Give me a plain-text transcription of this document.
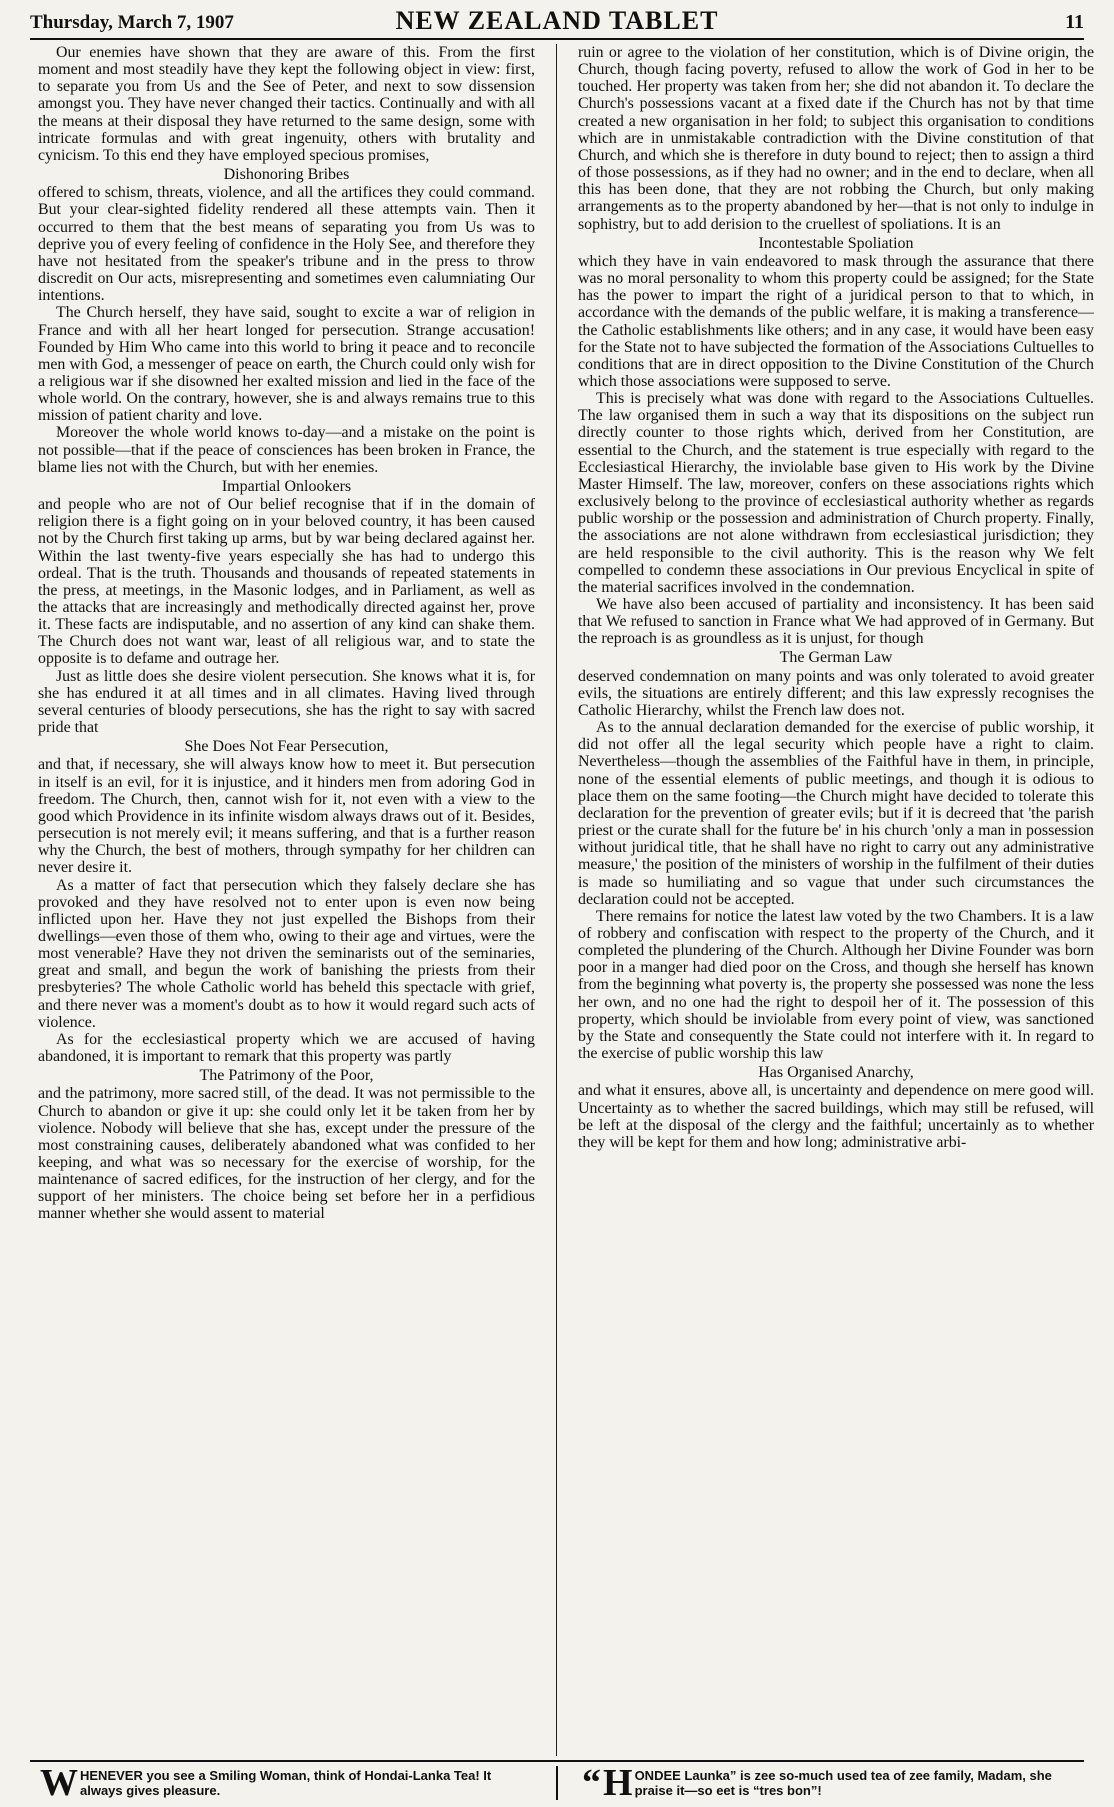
Thursday, March 7, 1907	NEW ZEALAND TABLET	11

Our enemies have shown that they are aware of this. From the first moment and most steadily have they kept the following object in view: first, to separate you from Us and the See of Peter, and next to sow dissension amongst you. They have never changed their tactics. Continually and with all the means at their disposal they have returned to the same design, some with intricate formulas and with great ingenuity, others with brutality and cynicism. To this end they have employed specious promises,

Dishonoring Bribes

offered to schism, threats, violence, and all the artifices they could command. But your clear-sighted fidelity rendered all these attempts vain. Then it occurred to them that the best means of separating you from Us was to deprive you of every feeling of confidence in the Holy See, and therefore they have not hesitated from the speaker's tribune and in the press to throw discredit on Our acts, misrepresenting and sometimes even calumniating Our intentions.

The Church herself, they have said, sought to excite a war of religion in France and with all her heart longed for persecution. Strange accusation! Founded by Him Who came into this world to bring it peace and to reconcile men with God, a messenger of peace on earth, the Church could only wish for a religious war if she disowned her exalted mission and lied in the face of the whole world. On the contrary, however, she is and always remains true to this mission of patient charity and love.

Moreover the whole world knows to-day—and a mistake on the point is not possible—that if the peace of consciences has been broken in France, the blame lies not with the Church, but with her enemies.

Impartial Onlookers

and people who are not of Our belief recognise that if in the domain of religion there is a fight going on in your beloved country, it has been caused not by the Church first taking up arms, but by war being declared against her. Within the last twenty-five years especially she has had to undergo this ordeal. That is the truth. Thousands and thousands of repeated statements in the press, at meetings, in the Masonic lodges, and in Parliament, as well as the attacks that are increasingly and methodically directed against her, prove it. These facts are indisputable, and no assertion of any kind can shake them. The Church does not want war, least of all religious war, and to state the opposite is to defame and outrage her.

Just as little does she desire violent persecution. She knows what it is, for she has endured it at all times and in all climates. Having lived through several centuries of bloody persecutions, she has the right to say with sacred pride that

She Does Not Fear Persecution,

and that, if necessary, she will always know how to meet it. But persecution in itself is an evil, for it is injustice, and it hinders men from adoring God in freedom. The Church, then, cannot wish for it, not even with a view to the good which Providence in its infinite wisdom always draws out of it. Besides, persecution is not merely evil; it means suffering, and that is a further reason why the Church, the best of mothers, through sympathy for her children can never desire it.

As a matter of fact that persecution which they falsely declare she has provoked and they have resolved not to enter upon is even now being inflicted upon her. Have they not just expelled the Bishops from their dwellings—even those of them who, owing to their age and virtues, were the most venerable? Have they not driven the seminarists out of the seminaries, great and small, and begun the work of banishing the priests from their presbyteries? The whole Catholic world has beheld this spectacle with grief, and there never was a moment's doubt as to how it would regard such acts of violence.

As for the ecclesiastical property which we are accused of having abandoned, it is important to remark that this property was partly

The Patrimony of the Poor,

and the patrimony, more sacred still, of the dead. It was not permissible to the Church to abandon or give it up: she could only let it be taken from her by violence. Nobody will believe that she has, except under the pressure of the most constraining causes, deliberately abandoned what was confided to her keeping, and what was so necessary for the exercise of worship, for the maintenance of sacred edifices, for the instruction of her clergy, and for the support of her ministers. The choice being set before her in a perfidious manner whether she would assent to material

ruin or agree to the violation of her constitution, which is of Divine origin, the Church, though facing poverty, refused to allow the work of God in her to be touched. Her property was taken from her; she did not abandon it. To declare the Church's possessions vacant at a fixed date if the Church has not by that time created a new organisation in her fold; to subject this organisation to conditions which are in unmistakable contradiction with the Divine constitution of that Church, and which she is therefore in duty bound to reject; then to assign a third of those possessions, as if they had no owner; and in the end to declare, when all this has been done, that they are not robbing the Church, but only making arrangements as to the property abandoned by her—that is not only to indulge in sophistry, but to add derision to the cruellest of spoliations. It is an

Incontestable Spoliation

which they have in vain endeavored to mask through the assurance that there was no moral personality to whom this property could be assigned; for the State has the power to impart the right of a juridical person to that to which, in accordance with the demands of the public welfare, it is making a transference—the Catholic establishments like others; and in any case, it would have been easy for the State not to have subjected the formation of the Associations Cultuelles to conditions that are in direct opposition to the Divine Constitution of the Church which those associations were supposed to serve.

This is precisely what was done with regard to the Associations Cultuelles. The law organised them in such a way that its dispositions on the subject run directly counter to those rights which, derived from her Constitution, are essential to the Church, and the statement is true especially with regard to the Ecclesiastical Hierarchy, the inviolable base given to His work by the Divine Master Himself. The law, moreover, confers on these associations rights which exclusively belong to the province of ecclesiastical authority whether as regards public worship or the possession and administration of Church property. Finally, the associations are not alone withdrawn from ecclesiastical jurisdiction; they are held responsible to the civil authority. This is the reason why We felt compelled to condemn these associations in Our previous Encyclical in spite of the material sacrifices involved in the condemnation.

We have also been accused of partiality and inconsistency. It has been said that We refused to sanction in France what We had approved of in Germany. But the reproach is as groundless as it is unjust, for though

The German Law

deserved condemnation on many points and was only tolerated to avoid greater evils, the situations are entirely different; and this law expressly recognises the Catholic Hierarchy, whilst the French law does not.

As to the annual declaration demanded for the exercise of public worship, it did not offer all the legal security which people have a right to claim. Nevertheless—though the assemblies of the Faithful have in them, in principle, none of the essential elements of public meetings, and though it is odious to place them on the same footing—the Church might have decided to tolerate this declaration for the prevention of greater evils; but if it is decreed that 'the parish priest or the curate shall for the future be' in his church 'only a man in possession without juridical title, that he shall have no right to carry out any administrative measure,' the position of the ministers of worship in the fulfilment of their duties is made so humiliating and so vague that under such circumstances the declaration could not be accepted.

There remains for notice the latest law voted by the two Chambers. It is a law of robbery and confiscation with respect to the property of the Church, and it completed the plundering of the Church. Although her Divine Founder was born poor in a manger had died poor on the Cross, and though she herself has known from the beginning what poverty is, the property she possessed was none the less her own, and no one had the right to despoil her of it. The possession of this property, which should be inviolable from every point of view, was sanctioned by the State and consequently the State could not interfere with it. In regard to the exercise of public worship this law

Has Organised Anarchy,

and what it ensures, above all, is uncertainty and dependence on mere good will. Uncertainty as to whether the sacred buildings, which may still be refused, will be left at the disposal of the clergy and the faithful; uncertainly as to whether they will be kept for them and how long; administrative arbi-

W HENEVER you see a Smiling Woman, think of Hondai-Lanka Tea! It always gives pleasure.	“ H ONDEE Launka” is zee so-much used tea of zee family, Madam, she praise it—so eet is “tres bon”!
